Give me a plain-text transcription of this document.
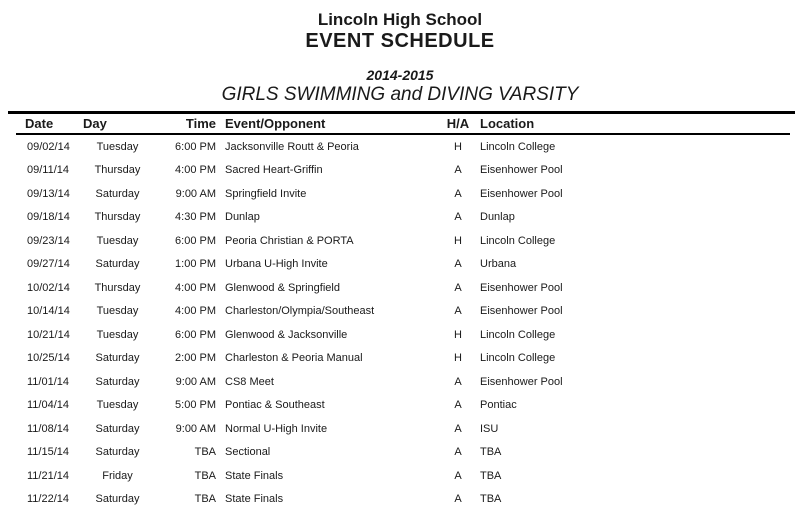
Lincoln High School
EVENT SCHEDULE
2014-2015
GIRLS SWIMMING and DIVING VARSITY
Date	Day	Time Event/Opponent	H/A Location
09/02/14	Tuesday	6:00 PM Jacksonville Routt & Peoria	H	Lincoln College
09/11/14	Thursday	4:00 PM Sacred Heart-Griffin	A	Eisenhower Pool
09/13/14	Saturday	9:00 AM Springfield Invite	A	Eisenhower Pool
09/18/14	Thursday	4:30 PM Dunlap	A	Dunlap
09/23/14	Tuesday	6:00 PM Peoria Christian & PORTA	H	Lincoln College
09/27/14	Saturday	1:00 PM Urbana U-High Invite	A	Urbana
10/02/14	Thursday	4:00 PM Glenwood & Springfield	A	Eisenhower Pool
10/14/14	Tuesday	4:00 PM Charleston/Olympia/Southeast	A	Eisenhower Pool
10/21/14	Tuesday	6:00 PM Glenwood & Jacksonville	H	Lincoln College
10/25/14	Saturday	2:00 PM Charleston & Peoria Manual	H	Lincoln College
11/01/14	Saturday	9:00 AM CS8 Meet	A	Eisenhower Pool
11/04/14	Tuesday	5:00 PM Pontiac & Southeast	A	Pontiac
11/08/14	Saturday	9:00 AM Normal U-High Invite	A	ISU
11/15/14	Saturday	TBA Sectional	A	TBA
11/21/14	Friday	TBA State Finals	A	TBA
11/22/14	Saturday	TBA State Finals	A	TBA
